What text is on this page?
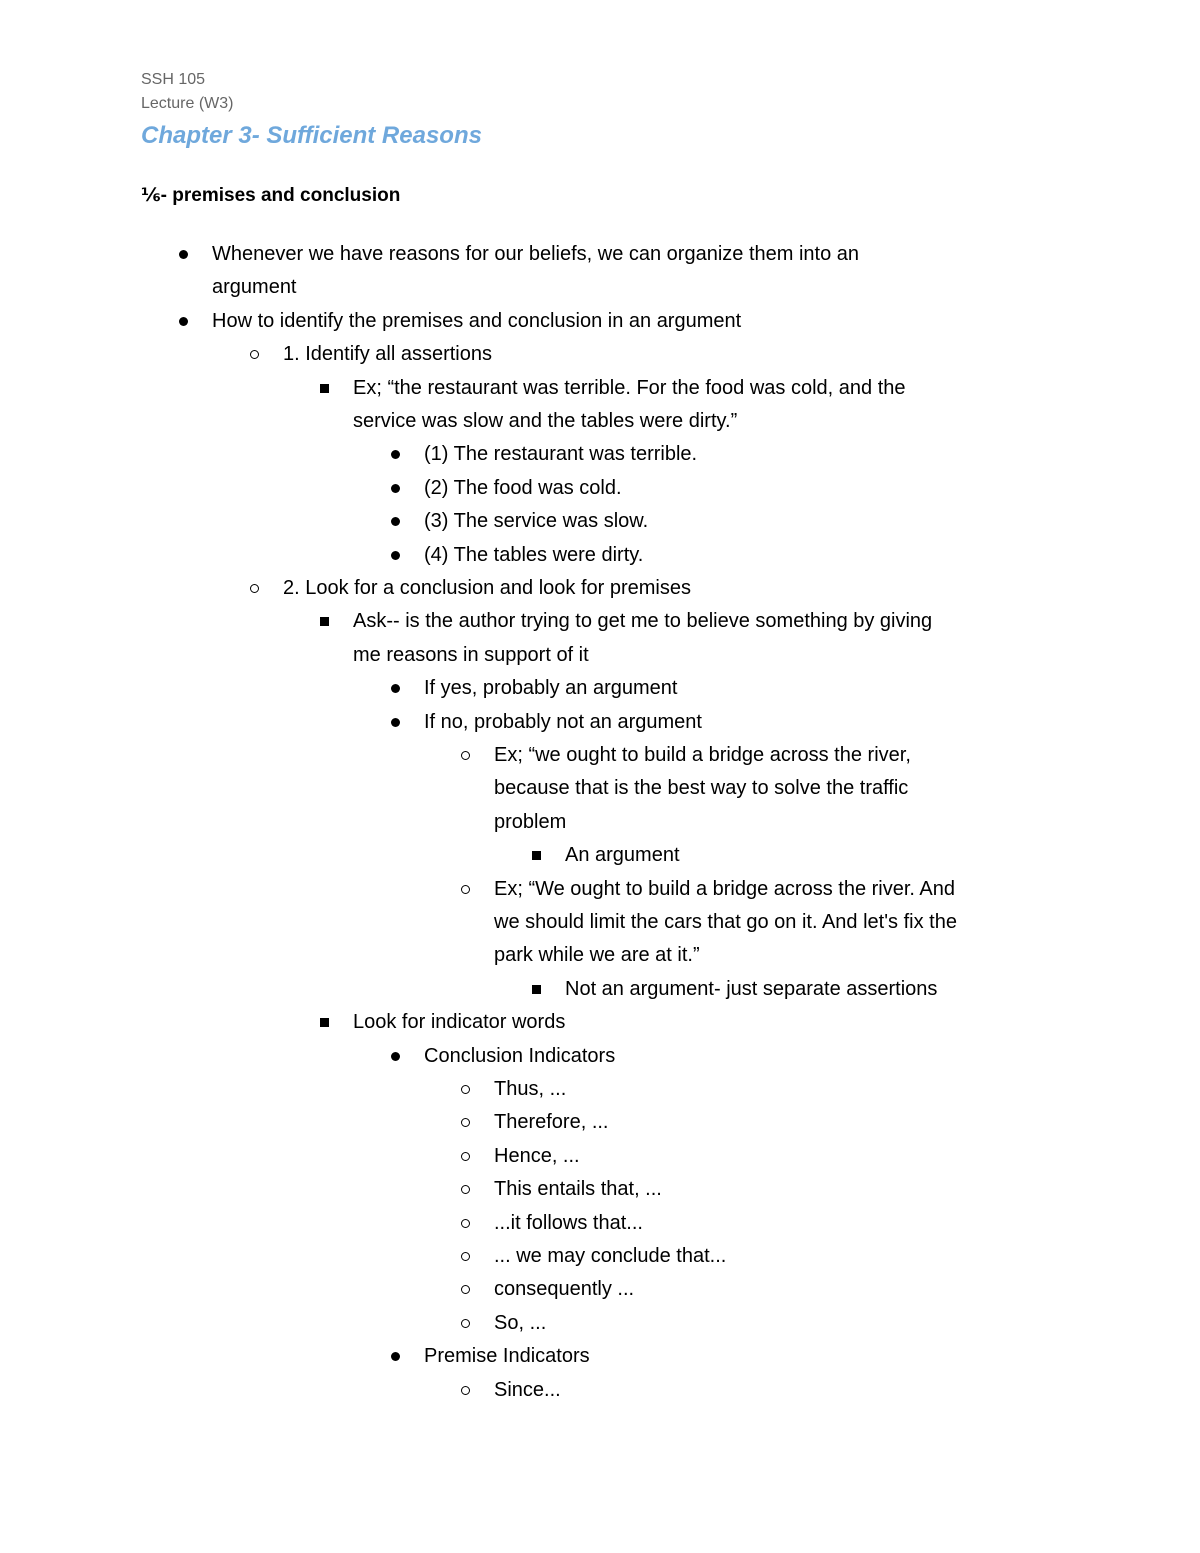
SSH 105
Lecture (W3)
Chapter 3- Sufficient Reasons
⅙- premises and conclusion
Whenever we have reasons for our beliefs, we can organize them into an
argument
How to identify the premises and conclusion in an argument
1. Identify all assertions
Ex; “the restaurant was terrible. For the food was cold, and the
service was slow and the tables were dirty.”
(1) The restaurant was terrible.
(2) The food was cold.
(3) The service was slow.
(4) The tables were dirty.
2. Look for a conclusion and look for premises
Ask-- is the author trying to get me to believe something by giving
me reasons in support of it
If yes, probably an argument
If no, probably not an argument
Ex; “we ought to build a bridge across the river,
because that is the best way to solve the traffic
problem
An argument
Ex; “We ought to build a bridge across the river. And
we should limit the cars that go on it. And let's fix the
park while we are at it.”
Not an argument- just separate assertions
Look for indicator words
Conclusion Indicators
Thus, ...
Therefore, ...
Hence, ...
This entails that, ...
...it follows that...
... we may conclude that...
consequently ...
So, ...
Premise Indicators
Since...
